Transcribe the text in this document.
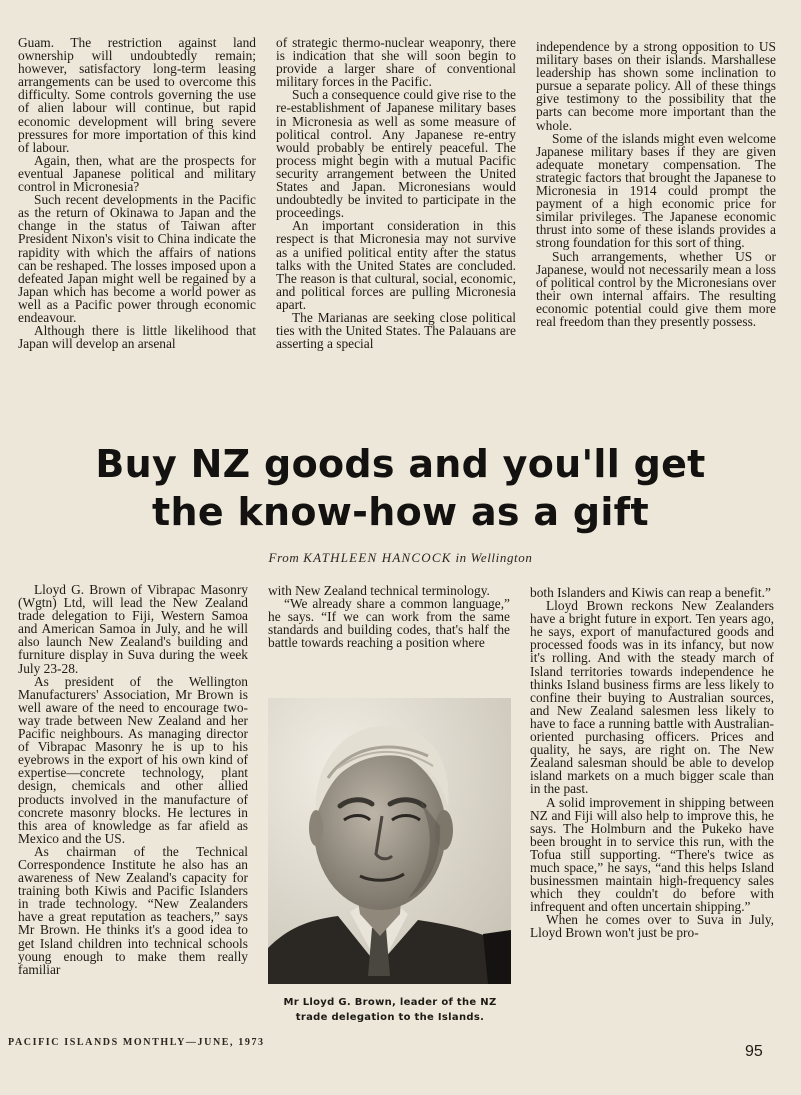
Guam. The restriction against land ownership will undoubtedly remain; however, satisfactory long-term leasing arrangements can be used to overcome this difficulty. Some controls governing the use of alien labour will continue, but rapid economic development will bring severe pressures for more importation of this kind of labour.

Again, then, what are the prospects for eventual Japanese political and military control in Micronesia?

Such recent developments in the Pacific as the return of Okinawa to Japan and the change in the status of Taiwan after President Nixon's visit to China indicate the rapidity with which the affairs of nations can be reshaped. The losses imposed upon a defeated Japan might well be regained by a Japan which has become a world power as well as a Pacific power through economic endeavour.

Although there is little likelihood that Japan will develop an arsenal

of strategic thermo-nuclear weaponry, there is indication that she will soon begin to provide a larger share of conventional military forces in the Pacific.

Such a consequence could give rise to the re-establishment of Japanese military bases in Micronesia as well as some measure of political control. Any Japanese re-entry would probably be entirely peaceful. The process might begin with a mutual Pacific security arrangement between the United States and Japan. Micronesians would undoubtedly be invited to participate in the proceedings.

An important consideration in this respect is that Micronesia may not survive as a unified political entity after the status talks with the United States are concluded. The reason is that cultural, social, economic, and political forces are pulling Micronesia apart.

The Marianas are seeking close political ties with the United States. The Palauans are asserting a special

independence by a strong opposition to US military bases on their islands. Marshallese leadership has shown some inclination to pursue a separate policy. All of these things give testimony to the possibility that the parts can become more important than the whole.

Some of the islands might even welcome Japanese military bases if they are given adequate monetary compensation. The strategic factors that brought the Japanese to Micronesia in 1914 could prompt the payment of a high economic price for similar privileges. The Japanese economic thrust into some of these islands provides a strong foundation for this sort of thing.

Such arrangements, whether US or Japanese, would not necessarily mean a loss of political control by the Micronesians over their own internal affairs. The resulting economic potential could give them more real freedom than they presently possess.

Buy NZ goods and you'll get
the know-how as a gift
From KATHLEEN HANCOCK in Wellington

Lloyd G. Brown of Vibrapac Masonry (Wgtn) Ltd, will lead the New Zealand trade delegation to Fiji, Western Samoa and American Samoa in July, and he will also launch New Zealand's building and furniture display in Suva during the week July 23-28.

As president of the Wellington Manufacturers' Association, Mr Brown is well aware of the need to encourage two-way trade between New Zealand and her Pacific neighbours. As managing director of Vibrapac Masonry he is up to his eyebrows in the export of his own kind of expertise—concrete technology, plant design, chemicals and other allied products involved in the manufacture of concrete masonry blocks. He lectures in this area of knowledge as far afield as Mexico and the US.

As chairman of the Technical Correspondence Institute he also has an awareness of New Zealand's capacity for training both Kiwis and Pacific Islanders in trade technology. “New Zealanders have a great reputation as teachers,” says Mr Brown. He thinks it's a good idea to get Island children into technical schools young enough to make them really familiar

with New Zealand technical terminology.

“We already share a common language,” he says. “If we can work from the same standards and building codes, that's half the battle towards reaching a position where

both Islanders and Kiwis can reap a benefit.”

Lloyd Brown reckons New Zealanders have a bright future in export. Ten years ago, he says, export of manufactured goods and processed foods was in its infancy, but now it's rolling. And with the steady march of Island territories towards independence he thinks Island business firms are less likely to confine their buying to Australian sources, and New Zealand salesmen less likely to have to face a running battle with Australian-oriented purchasing officers. Prices and quality, he says, are right on. The New Zealand salesman should be able to develop island markets on a much bigger scale than in the past.

A solid improvement in shipping between NZ and Fiji will also help to improve this, he says. The Holmburn and the Pukeko have been brought in to service this run, with the Tofua still supporting. “There's twice as much space,” he says, “and this helps Island businessmen maintain high-frequency sales which they couldn't do before with infrequent and often uncertain shipping.”

When he comes over to Suva in July, Lloyd Brown won't just be pro-

Mr Lloyd G. Brown, leader of the NZ
trade delegation to the Islands.
PACIFIC ISLANDS MONTHLY—JUNE, 1973
95
